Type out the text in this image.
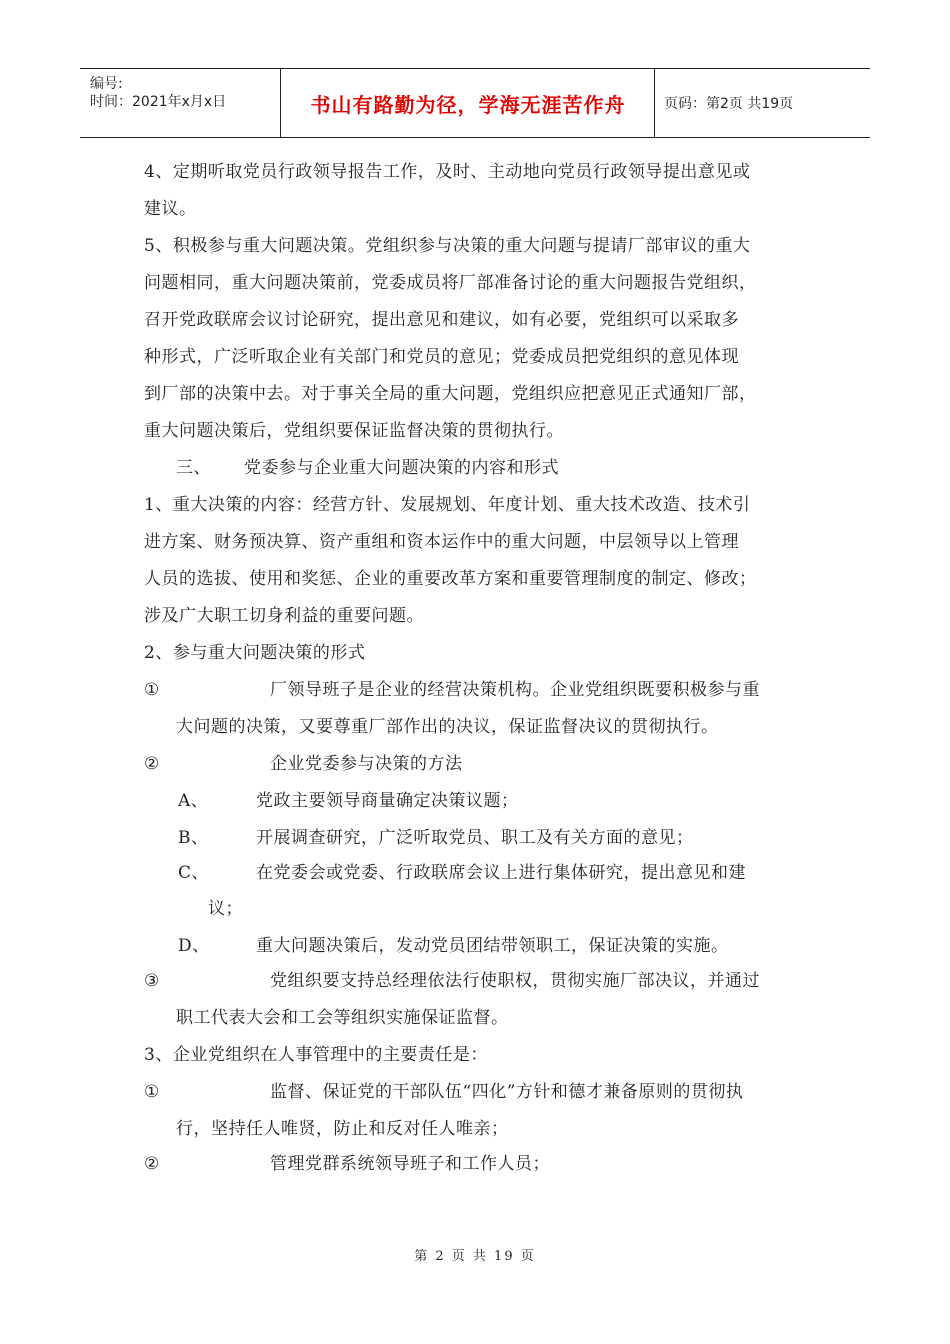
编号:
时间：2021年x月x日	书山有路勤为径，学海无涯苦作舟	页码：第2页 共19页
4、定期听取党员行政领导报告工作，及时、主动地向党员行政领导提出意见或
建议。
5、积极参与重大问题决策。党组织参与决策的重大问题与提请厂部审议的重大
问题相同，重大问题决策前，党委成员将厂部准备讨论的重大问题报告党组织，
召开党政联席会议讨论研究，提出意见和建议，如有必要，党组织可以采取多
种形式，广泛听取企业有关部门和党员的意见；党委成员把党组织的意见体现
到厂部的决策中去。对于事关全局的重大问题，党组织应把意见正式通知厂部，
重大问题决策后，党组织要保证监督决策的贯彻执行。
三、 党委参与企业重大问题决策的内容和形式
1、重大决策的内容：经营方针、发展规划、年度计划、重大技术改造、技术引
进方案、财务预决算、资产重组和资本运作中的重大问题，中层领导以上管理
人员的选拔、使用和奖惩、企业的重要改革方案和重要管理制度的制定、修改；
涉及广大职工切身利益的重要问题。
2、参与重大问题决策的形式
①	厂领导班子是企业的经营决策机构。企业党组织既要积极参与重
大问题的决策，又要尊重厂部作出的决议，保证监督决议的贯彻执行。
②	企业党委参与决策的方法
A、	党政主要领导商量确定决策议题；
B、	开展调查研究，广泛听取党员、职工及有关方面的意见；
C、	在党委会或党委、行政联席会议上进行集体研究，提出意见和建
议；
D、	重大问题决策后，发动党员团结带领职工，保证决策的实施。
③	党组织要支持总经理依法行使职权，贯彻实施厂部决议，并通过
职工代表大会和工会等组织实施保证监督。
3、企业党组织在人事管理中的主要责任是：
①	监督、保证党的干部队伍“四化”方针和德才兼备原则的贯彻执
行，坚持任人唯贤，防止和反对任人唯亲；
②	管理党群系统领导班子和工作人员；
第 2 页 共 19 页
